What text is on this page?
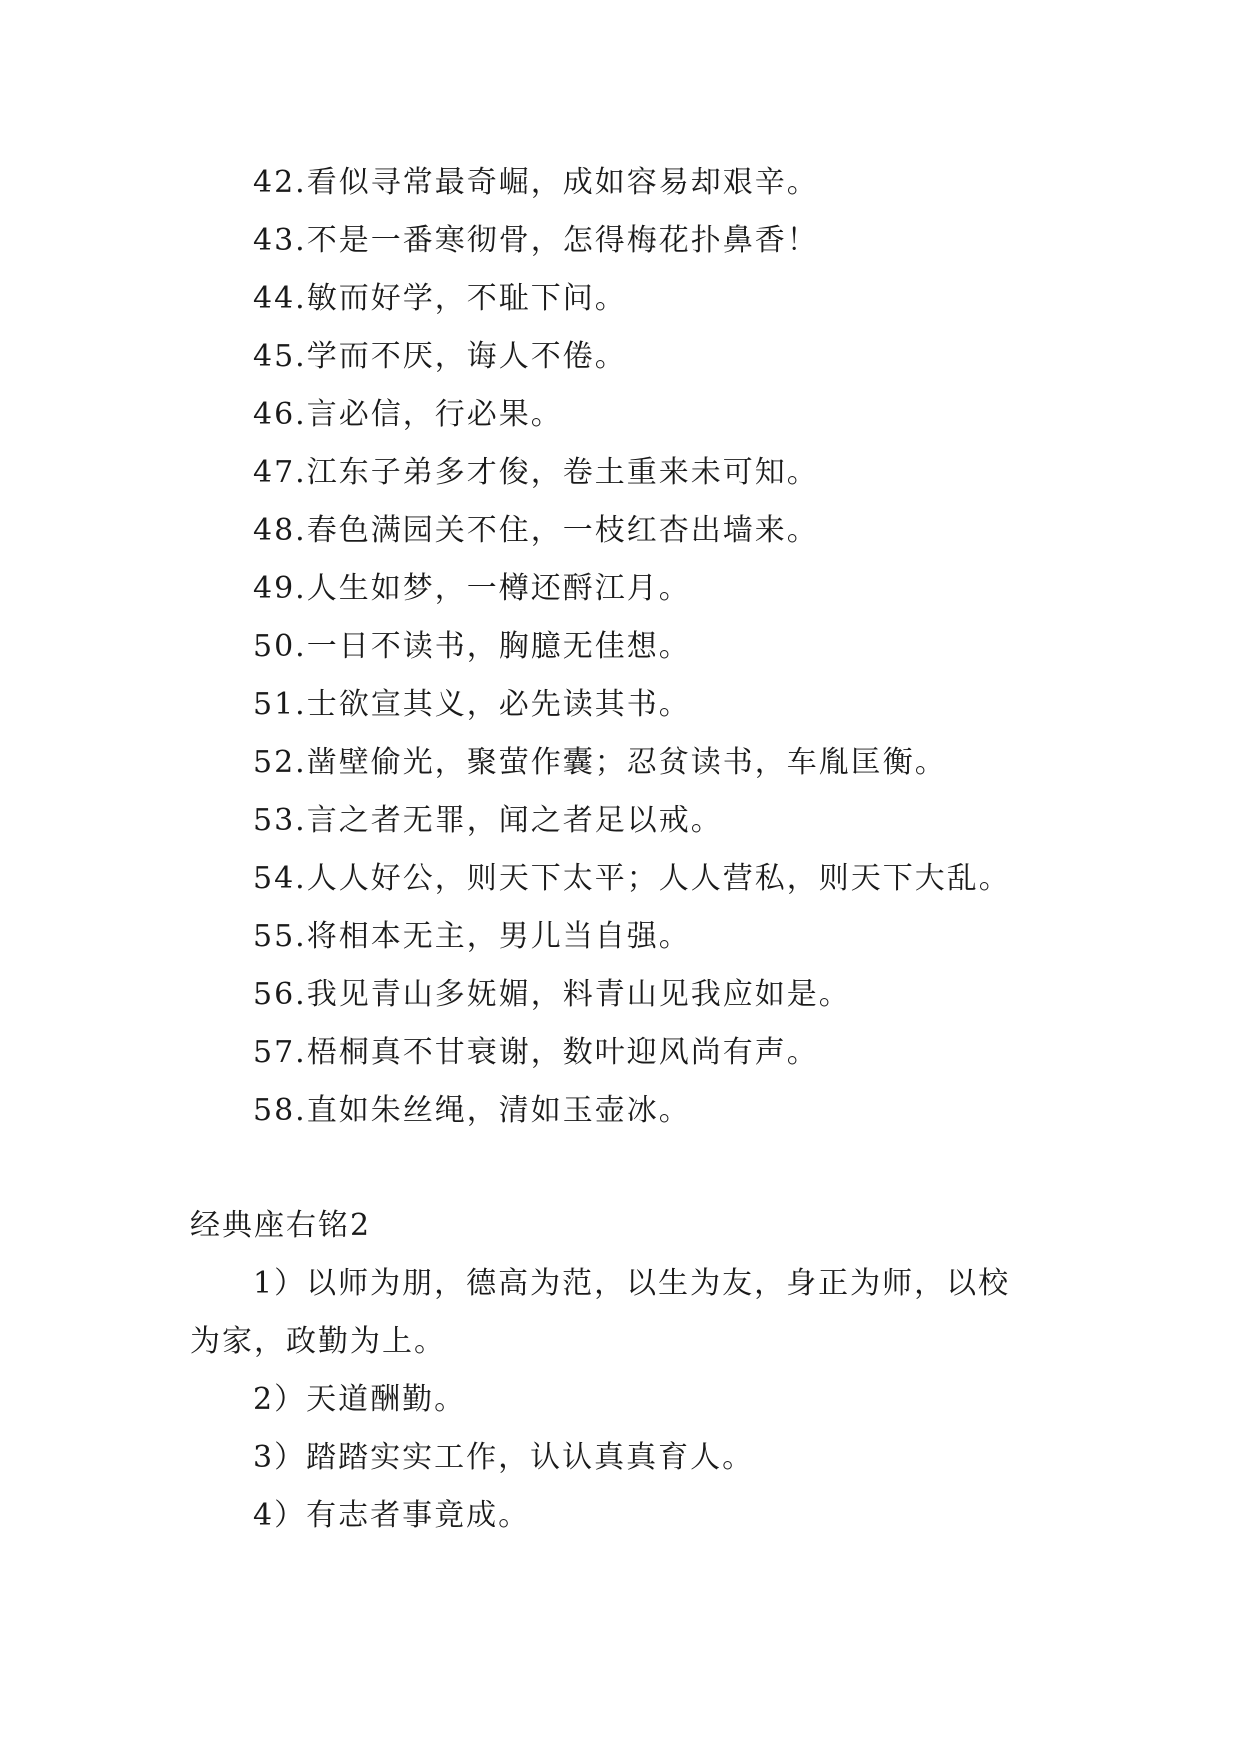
42.看似寻常最奇崛，成如容易却艰辛。
43.不是一番寒彻骨，怎得梅花扑鼻香！
44.敏而好学，不耻下问。
45.学而不厌，诲人不倦。
46.言必信，行必果。
47.江东子弟多才俊，卷土重来未可知。
48.春色满园关不住，一枝红杏出墙来。
49.人生如梦，一樽还酹江月。
50.一日不读书，胸臆无佳想。
51.士欲宣其义，必先读其书。
52.凿壁偷光，聚萤作囊；忍贫读书，车胤匡衡。
53.言之者无罪，闻之者足以戒。
54.人人好公，则天下太平；人人营私，则天下大乱。
55.将相本无主，男儿当自强。
56.我见青山多妩媚，料青山见我应如是。
57.梧桐真不甘衰谢，数叶迎风尚有声。
58.直如朱丝绳，清如玉壶冰。
经典座右铭2
1）以师为朋，德高为范，以生为友，身正为师，以校
为家，政勤为上。
2）天道酬勤。
3）踏踏实实工作，认认真真育人。
4）有志者事竟成。
